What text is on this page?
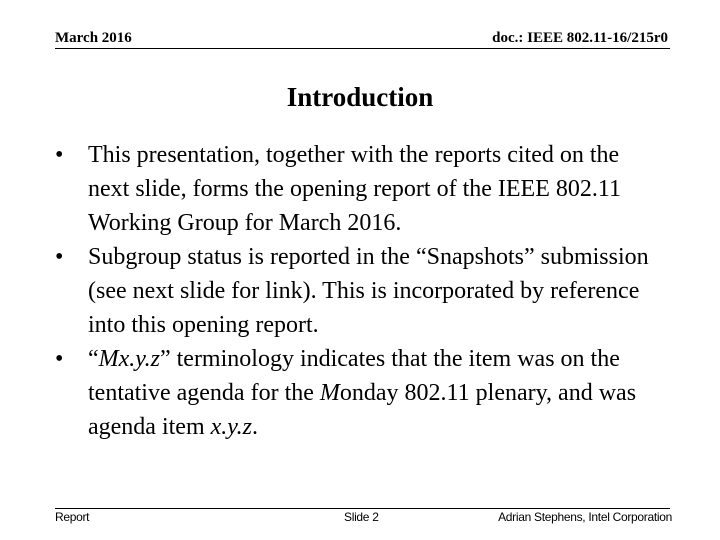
March 2016	doc.: IEEE 802.11-16/215r0
Introduction
•	This presentation, together with the reports cited on the next slide, forms the opening report of the IEEE 802.11 Working Group for March 2016.
•	Subgroup status is reported in the “Snapshots” submission (see next slide for link). This is incorporated by reference into this opening report.
•	“Mx.y.z” terminology indicates that the item was on the tentative agenda for the Monday 802.11 plenary, and was agenda item x.y.z.
Report	Slide 2	Adrian Stephens, Intel Corporation
